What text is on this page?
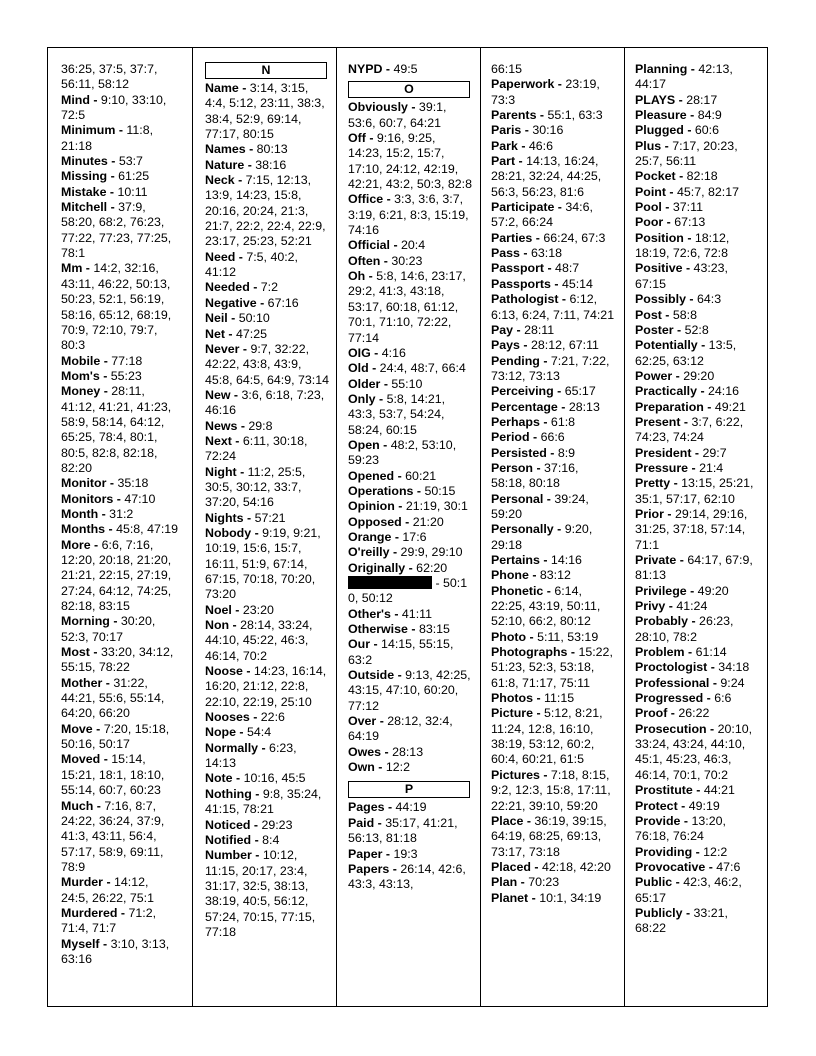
36:25, 37:5, 37:7, 56:11, 58:12
Mind - 9:10, 33:10, 72:5
Minimum - 11:8, 21:18
Minutes - 53:7
Missing - 61:25
Mistake - 10:11
Mitchell - 37:9, 58:20, 68:2, 76:23, 77:22, 77:23, 77:25, 78:1
Mm - 14:2, 32:16, 43:11, 46:22, 50:13, 50:23, 52:1, 56:19, 58:16, 65:12, 68:19, 70:9, 72:10, 79:7, 80:3
Mobile - 77:18
Mom's - 55:23
Money - 28:11, 41:12, 41:21, 41:23, 58:9, 58:14, 64:12, 65:25, 78:4, 80:1, 80:5, 82:8, 82:18, 82:20
Monitor - 35:18
Monitors - 47:10
Month - 31:2
Months - 45:8, 47:19
More - 6:6, 7:16, 12:20, 20:18, 21:20, 21:21, 22:15, 27:19, 27:24, 64:12, 74:25, 82:18, 83:15
Morning - 30:20, 52:3, 70:17
Most - 33:20, 34:12, 55:15, 78:22
Mother - 31:22, 44:21, 55:6, 55:14, 64:20, 66:20
Move - 7:20, 15:18, 50:16, 50:17
Moved - 15:14, 15:21, 18:1, 18:10, 55:14, 60:7, 60:23
Much - 7:16, 8:7, 24:22, 36:24, 37:9, 41:3, 43:11, 56:4, 57:17, 58:9, 69:11, 78:9
Murder - 14:12, 24:5, 26:22, 75:1
Murdered - 71:2, 71:4, 71:7
Myself - 3:10, 3:13, 63:16
N
Name - 3:14, 3:15, 4:4, 5:12, 23:11, 38:3, 38:4, 52:9, 69:14, 77:17, 80:15
Names - 80:13
Nature - 38:16
Neck - 7:15, 12:13, 13:9, 14:23, 15:8, 20:16, 20:24, 21:3, 21:7, 22:2, 22:4, 22:9, 23:17, 25:23, 52:21
Need - 7:5, 40:2, 41:12
Needed - 7:2
Negative - 67:16
Neil - 50:10
Net - 47:25
Never - 9:7, 32:22, 42:22, 43:8, 43:9, 45:8, 64:5, 64:9, 73:14
New - 3:6, 6:18, 7:23, 46:16
News - 29:8
Next - 6:11, 30:18, 72:24
Night - 11:2, 25:5, 30:5, 30:12, 33:7, 37:20, 54:16
Nights - 57:21
Nobody - 9:19, 9:21, 10:19, 15:6, 15:7, 16:11, 51:9, 67:14, 67:15, 70:18, 70:20, 73:20
Noel - 23:20
Non - 28:14, 33:24, 44:10, 45:22, 46:3, 46:14, 70:2
Noose - 14:23, 16:14, 16:20, 21:12, 22:8, 22:10, 22:19, 25:10
Nooses - 22:6
Nope - 54:4
Normally - 6:23, 14:13
Note - 10:16, 45:5
Nothing - 9:8, 35:24, 41:15, 78:21
Noticed - 29:23
Notified - 8:4
Number - 10:12, 11:15, 20:17, 23:4, 31:17, 32:5, 38:13, 38:19, 40:5, 56:12, 57:24, 70:15, 77:15, 77:18
NYPD - 49:5
O
Obviously - 39:1, 53:6, 60:7, 64:21
Off - 9:16, 9:25, 14:23, 15:2, 15:7, 17:10, 24:12, 42:19, 42:21, 43:2, 50:3, 82:8
Office - 3:3, 3:6, 3:7, 3:19, 6:21, 8:3, 15:19, 74:16
Official - 20:4
Often - 30:23
Oh - 5:8, 14:6, 23:17, 29:2, 41:3, 43:18, 53:17, 60:18, 61:12, 70:1, 71:10, 72:22, 77:14
OIG - 4:16
Old - 24:4, 48:7, 66:4
Older - 55:10
Only - 5:8, 14:21, 43:3, 53:7, 54:24, 58:24, 60:15
Open - 48:2, 53:10, 59:23
Opened - 60:21
Operations - 50:15
Opinion - 21:19, 30:1
Opposed - 21:20
Orange - 17:6
O'reilly - 29:9, 29:10
Originally - 62:20
- 50:1
0, 50:12
Other's - 41:11
Otherwise - 83:15
Our - 14:15, 55:15, 63:2
Outside - 9:13, 42:25, 43:15, 47:10, 60:20, 77:12
Over - 28:12, 32:4, 64:19
Owes - 28:13
Own - 12:2
P
Pages - 44:19
Paid - 35:17, 41:21, 56:13, 81:18
Paper - 19:3
Papers - 26:14, 42:6, 43:3, 43:13,
66:15
Paperwork - 23:19, 73:3
Parents - 55:1, 63:3
Paris - 30:16
Park - 46:6
Part - 14:13, 16:24, 28:21, 32:24, 44:25, 56:3, 56:23, 81:6
Participate - 34:6, 57:2, 66:24
Parties - 66:24, 67:3
Pass - 63:18
Passport - 48:7
Passports - 45:14
Pathologist - 6:12, 6:13, 6:24, 7:11, 74:21
Pay - 28:11
Pays - 28:12, 67:11
Pending - 7:21, 7:22, 73:12, 73:13
Perceiving - 65:17
Percentage - 28:13
Perhaps - 61:8
Period - 66:6
Persisted - 8:9
Person - 37:16, 58:18, 80:18
Personal - 39:24, 59:20
Personally - 9:20, 29:18
Pertains - 14:16
Phone - 83:12
Phonetic - 6:14, 22:25, 43:19, 50:11, 52:10, 66:2, 80:12
Photo - 5:11, 53:19
Photographs - 15:22, 51:23, 52:3, 53:18, 61:8, 71:17, 75:11
Photos - 11:15
Picture - 5:12, 8:21, 11:24, 12:8, 16:10, 38:19, 53:12, 60:2, 60:4, 60:21, 61:5
Pictures - 7:18, 8:15, 9:2, 12:3, 15:8, 17:11, 22:21, 39:10, 59:20
Place - 36:19, 39:15, 64:19, 68:25, 69:13, 73:17, 73:18
Placed - 42:18, 42:20
Plan - 70:23
Planet - 10:1, 34:19
Planning - 42:13, 44:17
PLAYS - 28:17
Pleasure - 84:9
Plugged - 60:6
Plus - 7:17, 20:23, 25:7, 56:11
Pocket - 82:18
Point - 45:7, 82:17
Pool - 37:11
Poor - 67:13
Position - 18:12, 18:19, 72:6, 72:8
Positive - 43:23, 67:15
Possibly - 64:3
Post - 58:8
Poster - 52:8
Potentially - 13:5, 62:25, 63:12
Power - 29:20
Practically - 24:16
Preparation - 49:21
Present - 3:7, 6:22, 74:23, 74:24
President - 29:7
Pressure - 21:4
Pretty - 13:15, 25:21, 35:1, 57:17, 62:10
Prior - 29:14, 29:16, 31:25, 37:18, 57:14, 71:1
Private - 64:17, 67:9, 81:13
Privilege - 49:20
Privy - 41:24
Probably - 26:23, 28:10, 78:2
Problem - 61:14
Proctologist - 34:18
Professional - 9:24
Progressed - 6:6
Proof - 26:22
Prosecution - 20:10, 33:24, 43:24, 44:10, 45:1, 45:23, 46:3, 46:14, 70:1, 70:2
Prostitute - 44:21
Protect - 49:19
Provide - 13:20, 76:18, 76:24
Providing - 12:2
Provocative - 47:6
Public - 42:3, 46:2, 65:17
Publicly - 33:21, 68:22
